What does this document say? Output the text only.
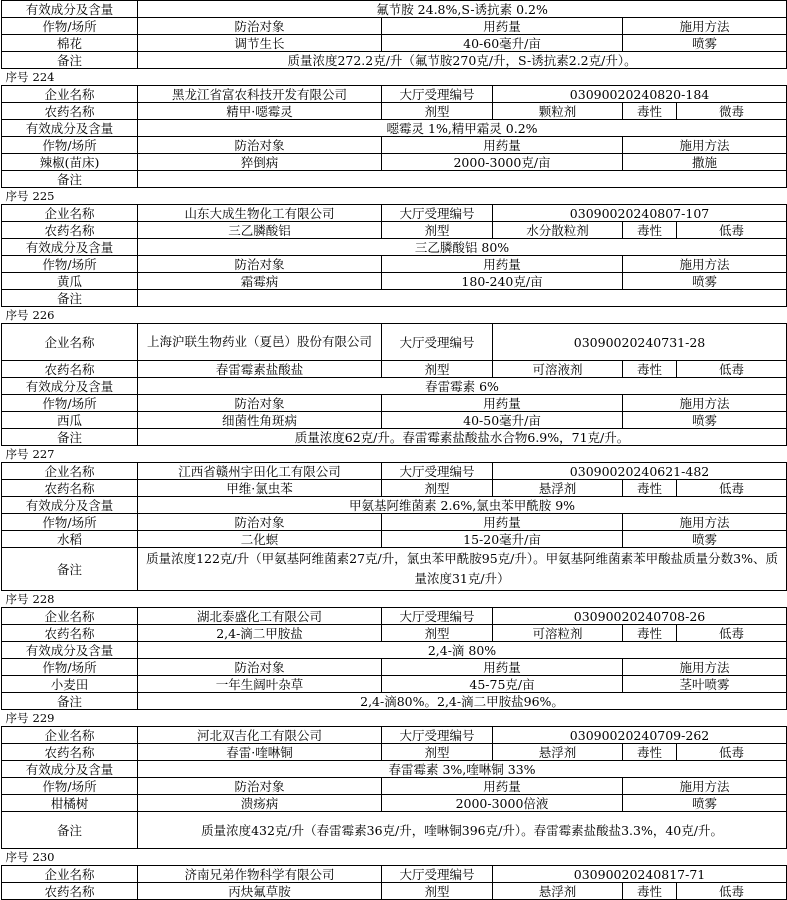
有效成分及含量	氟节胺 24.8%,S-诱抗素 0.2%				
作物/场所	防治对象	用药量		施用方法	
棉花	调节生长	40-60毫升/亩		喷雾	
备注	质量浓度272.2克/升（氟节胺270克/升，S-诱抗素2.2克/升）。				
序号 224					
企业名称	黑龙江省富农科技开发有限公司	大厅受理编号	03090020240820-184		
农药名称	精甲·噁霉灵	剂型	颗粒剂	毒性	微毒
有效成分及含量	噁霉灵 1%,精甲霜灵 0.2%				
作物/场所	防治对象	用药量		施用方法	
辣椒(苗床)	猝倒病	2000-3000克/亩		撒施	
备注					
序号 225					
企业名称	山东大成生物化工有限公司	大厅受理编号	03090020240807-107		
农药名称	三乙膦酸铝	剂型	水分散粒剂	毒性	低毒
有效成分及含量	三乙膦酸铝 80%				
作物/场所	防治对象	用药量		施用方法	
黄瓜	霜霉病	180-240克/亩		喷雾	
备注					
序号 226					
企业名称	上海沪联生物药业（夏邑）股份有限公司	大厅受理编号	03090020240731-28		
农药名称	春雷霉素盐酸盐	剂型	可溶液剂	毒性	低毒
有效成分及含量	春雷霉素 6%				
作物/场所	防治对象	用药量		施用方法	
西瓜	细菌性角斑病	40-50毫升/亩		喷雾	
备注	质量浓度62克/升。春雷霉素盐酸盐水合物6.9%，71克/升。				
序号 227					
企业名称	江西省赣州宇田化工有限公司	大厅受理编号	03090020240621-482		
农药名称	甲维·氯虫苯	剂型	悬浮剂	毒性	低毒
有效成分及含量	甲氨基阿维菌素 2.6%,氯虫苯甲酰胺 9%				
作物/场所	防治对象	用药量		施用方法	
水稻	二化螟	15-20毫升/亩		喷雾	
备注	质量浓度122克/升（甲氨基阿维菌素27克/升，氯虫苯甲酰胺95克/升）。甲氨基阿维菌素苯甲酸盐质量分数3%、质量浓度31克/升）				
序号 228					
企业名称	湖北泰盛化工有限公司	大厅受理编号	03090020240708-26		
农药名称	2,4-滴二甲胺盐	剂型	可溶粒剂	毒性	低毒
有效成分及含量	2,4-滴 80%				
作物/场所	防治对象	用药量		施用方法	
小麦田	一年生阔叶杂草	45-75克/亩		茎叶喷雾	
备注	2,4-滴80%。2,4-滴二甲胺盐96%。				
序号 229					
企业名称	河北双吉化工有限公司	大厅受理编号	03090020240709-262		
农药名称	春雷·喹啉铜	剂型	悬浮剂	毒性	低毒
有效成分及含量	春雷霉素 3%,喹啉铜 33%				
作物/场所	防治对象	用药量		施用方法	
柑橘树	溃疡病	2000-3000倍液		喷雾	
备注	质量浓度432克/升（春雷霉素36克/升，喹啉铜396克/升）。春雷霉素盐酸盐3.3%，40克/升。				
序号 230					
企业名称	济南兄弟作物科学有限公司	大厅受理编号	03090020240817-71		
农药名称	丙炔氟草胺	剂型	悬浮剂	毒性	低毒
